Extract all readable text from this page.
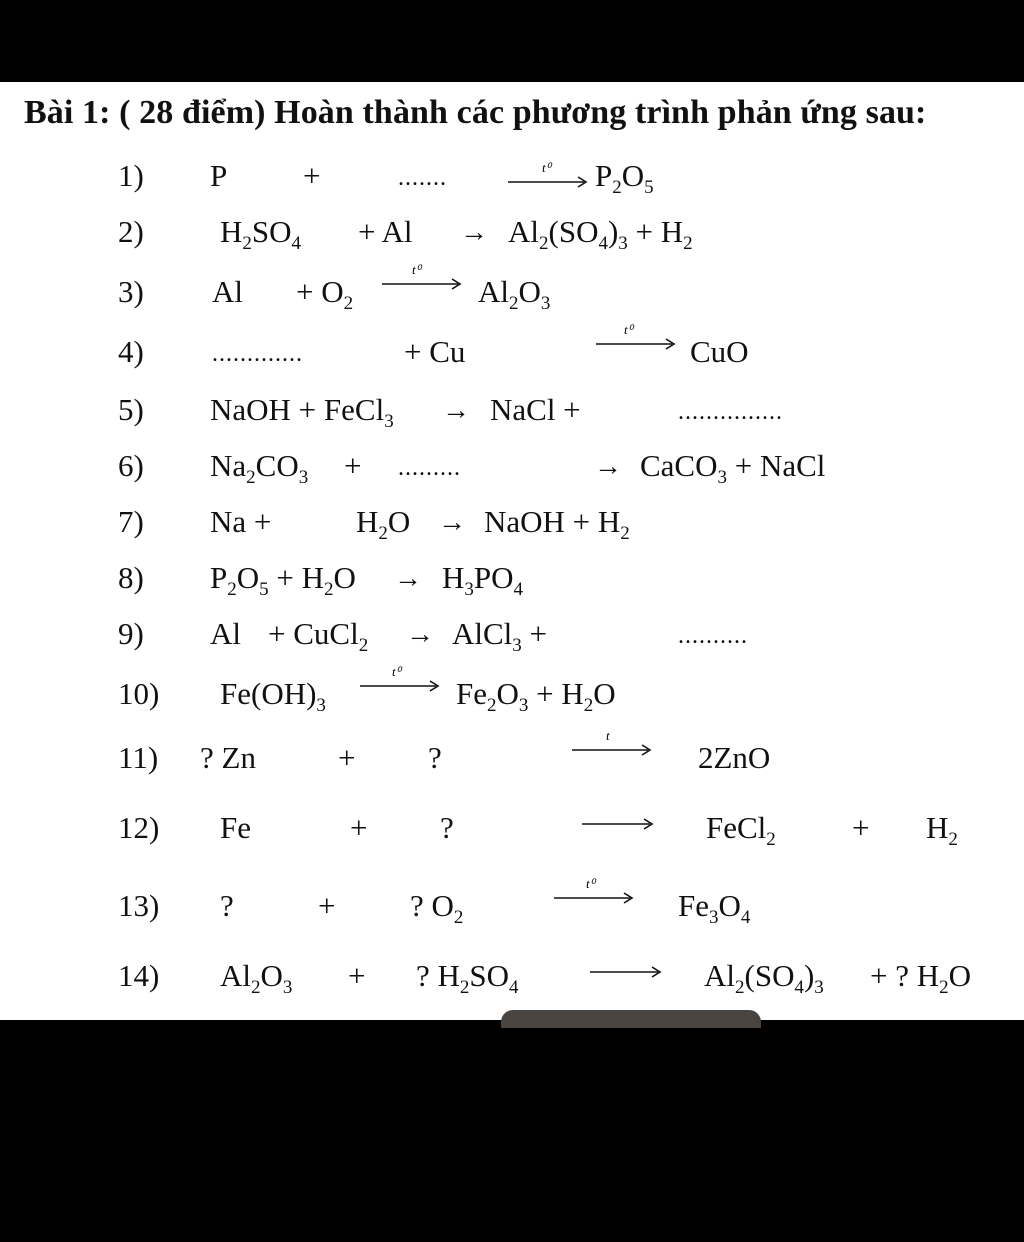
Bài 1: ( 28 điểm) Hoàn thành các phương trình phản ứng sau:
1) P +	.......	t⁰ $P_2O_5$
2) $H_2SO_4 + Al \to Al_2(SO_4)_3 + H_2$
3) $Al + O_2$
t⁰
$Al_2O_3$
4)	.............	+ Cu
t⁰
CuO
5) NaOH + FeCl$_3$ → NaCl +	...............
6) $Na_2CO_3$ + .........	→ CaCO$_3$ + NaCl
7) Na +	$H_2O$ → NaOH + $H_2$
8) $P_2O_5 + H_2O \to H_3PO_4$
9) Al + CuCl$_2$ → AlCl$_3$ +	..........
10) $Fe(OH)_3$
t⁰
$Fe_2O_3 + H_2O$
11) ? Zn	+ ?
t
2ZnO
12) Fe	+ ?	FeCl$_2$ + $H_2$
13) ?	+ ? $O_2$
t⁰
$Fe_3O_4$
14) $Al_2O_3$ + ? $H_2SO_4$	$Al_2(SO_4)_3$ + ? $H_2O$
